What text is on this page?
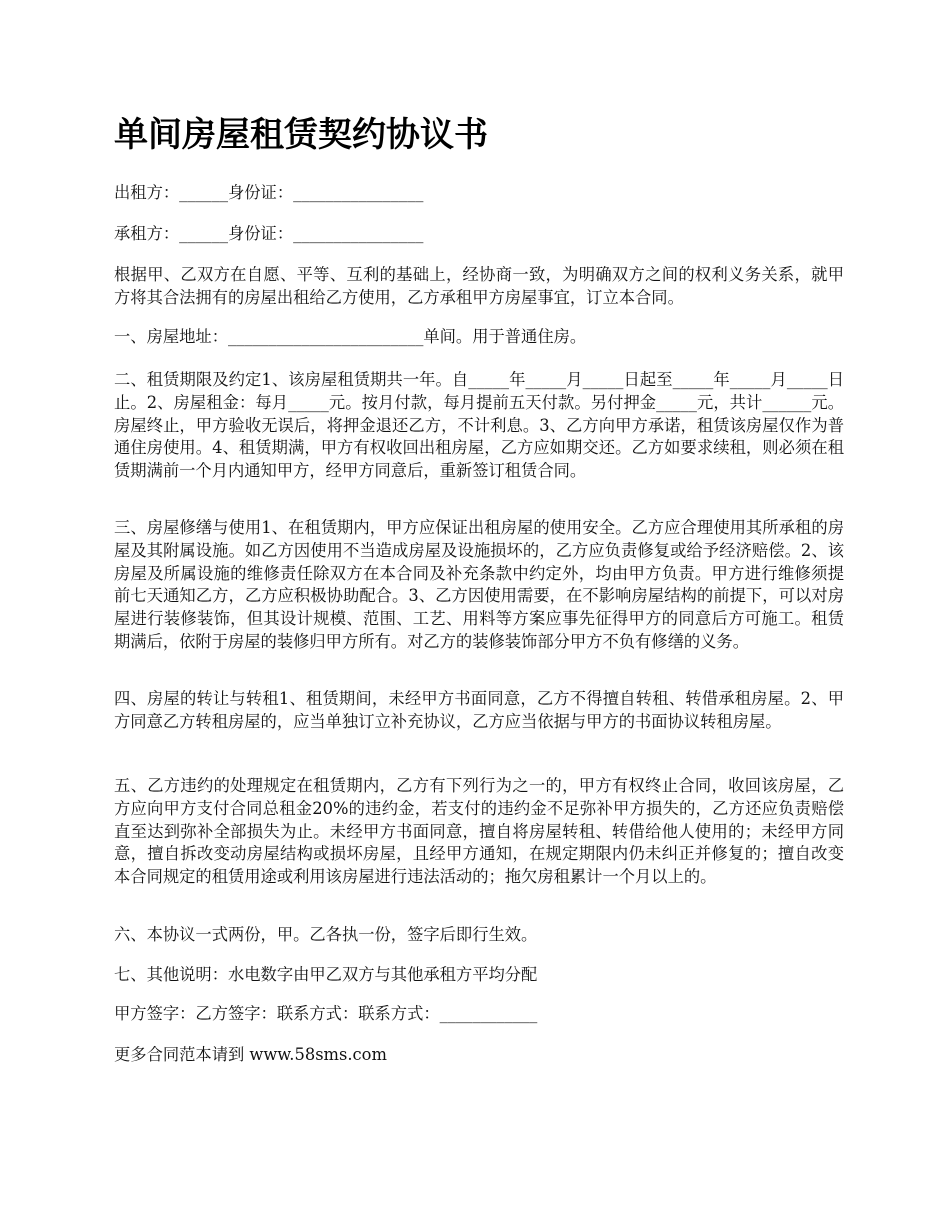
单间房屋租赁契约协议书

出租方：______身份证：________________

承租方：______身份证：________________

根据甲、乙双方在自愿、平等、互利的基础上，经协商一致，为明确双方之间的权利义务关系，就甲方将其合法拥有的房屋出租给乙方使用，乙方承租甲方房屋事宜，订立本合同。

一、房屋地址：________________________单间。用于普通住房。

二、租赁期限及约定1、该房屋租赁期共一年。自_____年_____月_____日起至_____年_____月_____日止。2、房屋租金：每月_____元。按月付款，每月提前五天付款。另付押金_____元，共计______元。房屋终止，甲方验收无误后，将押金退还乙方，不计利息。3、乙方向甲方承诺，租赁该房屋仅作为普通住房使用。4、租赁期满，甲方有权收回出租房屋，乙方应如期交还。乙方如要求续租，则必须在租赁期满前一个月内通知甲方，经甲方同意后，重新签订租赁合同。

三、房屋修缮与使用1、在租赁期内，甲方应保证出租房屋的使用安全。乙方应合理使用其所承租的房屋及其附属设施。如乙方因使用不当造成房屋及设施损坏的，乙方应负责修复或给予经济赔偿。2、该房屋及所属设施的维修责任除双方在本合同及补充条款中约定外，均由甲方负责。甲方进行维修须提前七天通知乙方，乙方应积极协助配合。3、乙方因使用需要，在不影响房屋结构的前提下，可以对房屋进行装修装饰，但其设计规模、范围、工艺、用料等方案应事先征得甲方的同意后方可施工。租赁期满后，依附于房屋的装修归甲方所有。对乙方的装修装饰部分甲方不负有修缮的义务。

四、房屋的转让与转租1、租赁期间，未经甲方书面同意，乙方不得擅自转租、转借承租房屋。2、甲方同意乙方转租房屋的，应当单独订立补充协议，乙方应当依据与甲方的书面协议转租房屋。

五、乙方违约的处理规定在租赁期内，乙方有下列行为之一的，甲方有权终止合同，收回该房屋，乙方应向甲方支付合同总租金20%的违约金，若支付的违约金不足弥补甲方损失的，乙方还应负责赔偿直至达到弥补全部损失为止。未经甲方书面同意，擅自将房屋转租、转借给他人使用的；未经甲方同意，擅自拆改变动房屋结构或损坏房屋，且经甲方通知，在规定期限内仍未纠正并修复的；擅自改变本合同规定的租赁用途或利用该房屋进行违法活动的；拖欠房租累计一个月以上的。

六、本协议一式两份，甲。乙各执一份，签字后即行生效。

七、其他说明：水电数字由甲乙双方与其他承租方平均分配

甲方签字：乙方签字：联系方式：联系方式：____________

更多合同范本请到 www.58sms.com
